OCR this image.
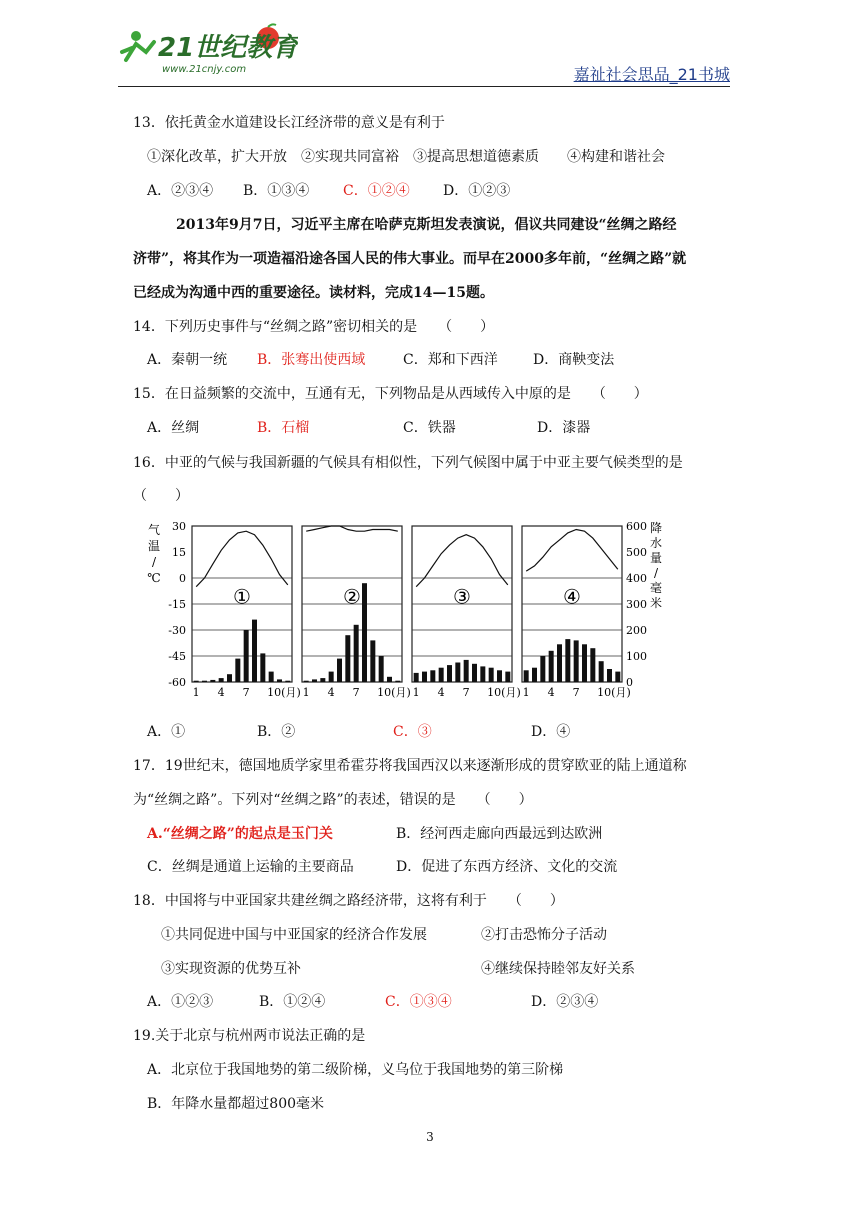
21世纪教育
www.21cnjy.com	嘉祉社会思品_21书城
13．依托黄金水道建设长江经济带的意义是有利于
①深化改革，扩大开放　②实现共同富裕　③提高思想道德素质　　④构建和谐社会
A．②③④ B．①③④ C．①②④ D．①②③
2013年9月7日，习近平主席在哈萨克斯坦发表演说，倡议共同建设“丝绸之路经
济带”，将其作为一项造福沿途各国人民的伟大事业。而早在2000多年前，“丝绸之路”就
已经成为沟通中西的重要途径。读材料，完成14—15题。
14．下列历史事件与“丝绸之路”密切相关的是　　（　　）
A．秦朝一统 B．张骞出使西域	C．郑和下西洋	D．商鞅变法
15．在日益频繁的交流中，互通有无，下列物品是从西域传入中原的是　　（　　）
A．丝绸	B．石榴	C．铁器	D．漆器
16．中亚的气候与我国新疆的气候具有相似性，下列气候图中属于中亚主要气候类型的是
（　　）
气
温
/
℃
降
水
量
/
毫
米
30
15
0
-15
-30
-45
-60
600
500
400
300
200
100
0
①
1 4 7 10(月)
②
1 4 7 10(月)
③
1 4 7 10(月)
④
1 4 7 10(月)
A．①	B．②	C．③	D．④
17．19世纪末，德国地质学家里希霍芬将我国西汉以来逐渐形成的贯穿欧亚的陆上通道称
为“丝绸之路”。下列对“丝绸之路”的表述，错误的是　　（　　）
A.“丝绸之路”的起点是玉门关	B．经河西走廊向西最远到达欧洲
C．丝绸是通道上运输的主要商品	D．促进了东西方经济、文化的交流
18．中国将与中亚国家共建丝绸之路经济带，这将有利于　　（　　）
①共同促进中国与中亚国家的经济合作发展	②打击恐怖分子活动
③实现资源的优势互补	④继续保持睦邻友好关系
A．①②③	B．①②④	C．①③④	D．②③④
19.关于北京与杭州两市说法正确的是
A．北京位于我国地势的第二级阶梯，义乌位于我国地势的第三阶梯
B．年降水量都超过800毫米
3
